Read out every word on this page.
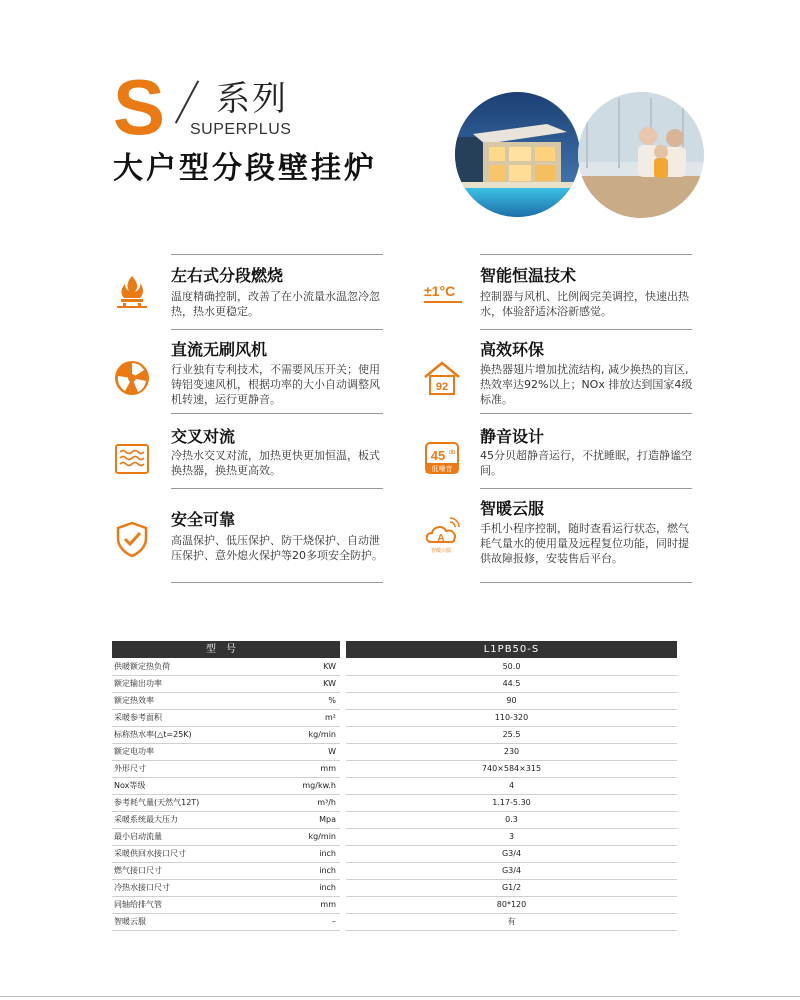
S 系列
SUPERPLUS
大户型分段壁挂炉
左右式分段燃烧
温度精确控制，改善了在小流量水温忽冷忽热，热水更稳定。
直流无刷风机
行业独有专利技术，不需要风压开关；使用铸铝变速风机，根据功率的大小自动调整风机转速，运行更静音。
交叉对流
冷热水交叉对流，加热更快更加恒温，板式换热器，换热更高效。
安全可靠
高温保护、低压保护、防干烧保护、自动泄压保护、意外熄火保护等20多项安全防护。
±1°C
智能恒温技术
控制器与风机、比例阀完美调控，快速出热水，体验舒适沐浴新感觉。
92
高效环保
换热器翅片增加扰流结构, 减少换热的盲区, 热效率达92%以上；NOx 排放达到国家4级标准。
45 db
低噪音
静音设计
45分贝超静音运行，不扰睡眠，打造静谧空间。
A
智暖云服
智暖云服
手机小程序控制，随时查看运行状态，燃气耗气量水的使用量及远程复位功能，同时提供故障报修，安装售后平台。
型号	L1PB50-S
供暖额定热负荷	KW	50.0
额定输出功率	KW	44.5
额定热效率	%	90
采暖参考面积	m²	110-320
标称热水率(△t=25K)	kg/min	25.5
额定电功率	W	230
外形尺寸	mm	740×584×315
Nox等级	mg/kw.h	4
参考耗气量(天然气12T)	m³/h	1.17-5.30
采暖系统最大压力	Mpa	0.3
最小启动流量	kg/min	3
采暖供回水接口尺寸	inch	G3/4
燃气接口尺寸	inch	G3/4
冷热水接口尺寸	inch	G1/2
同轴给排气管	mm	80*120
智暖云服	–	有
